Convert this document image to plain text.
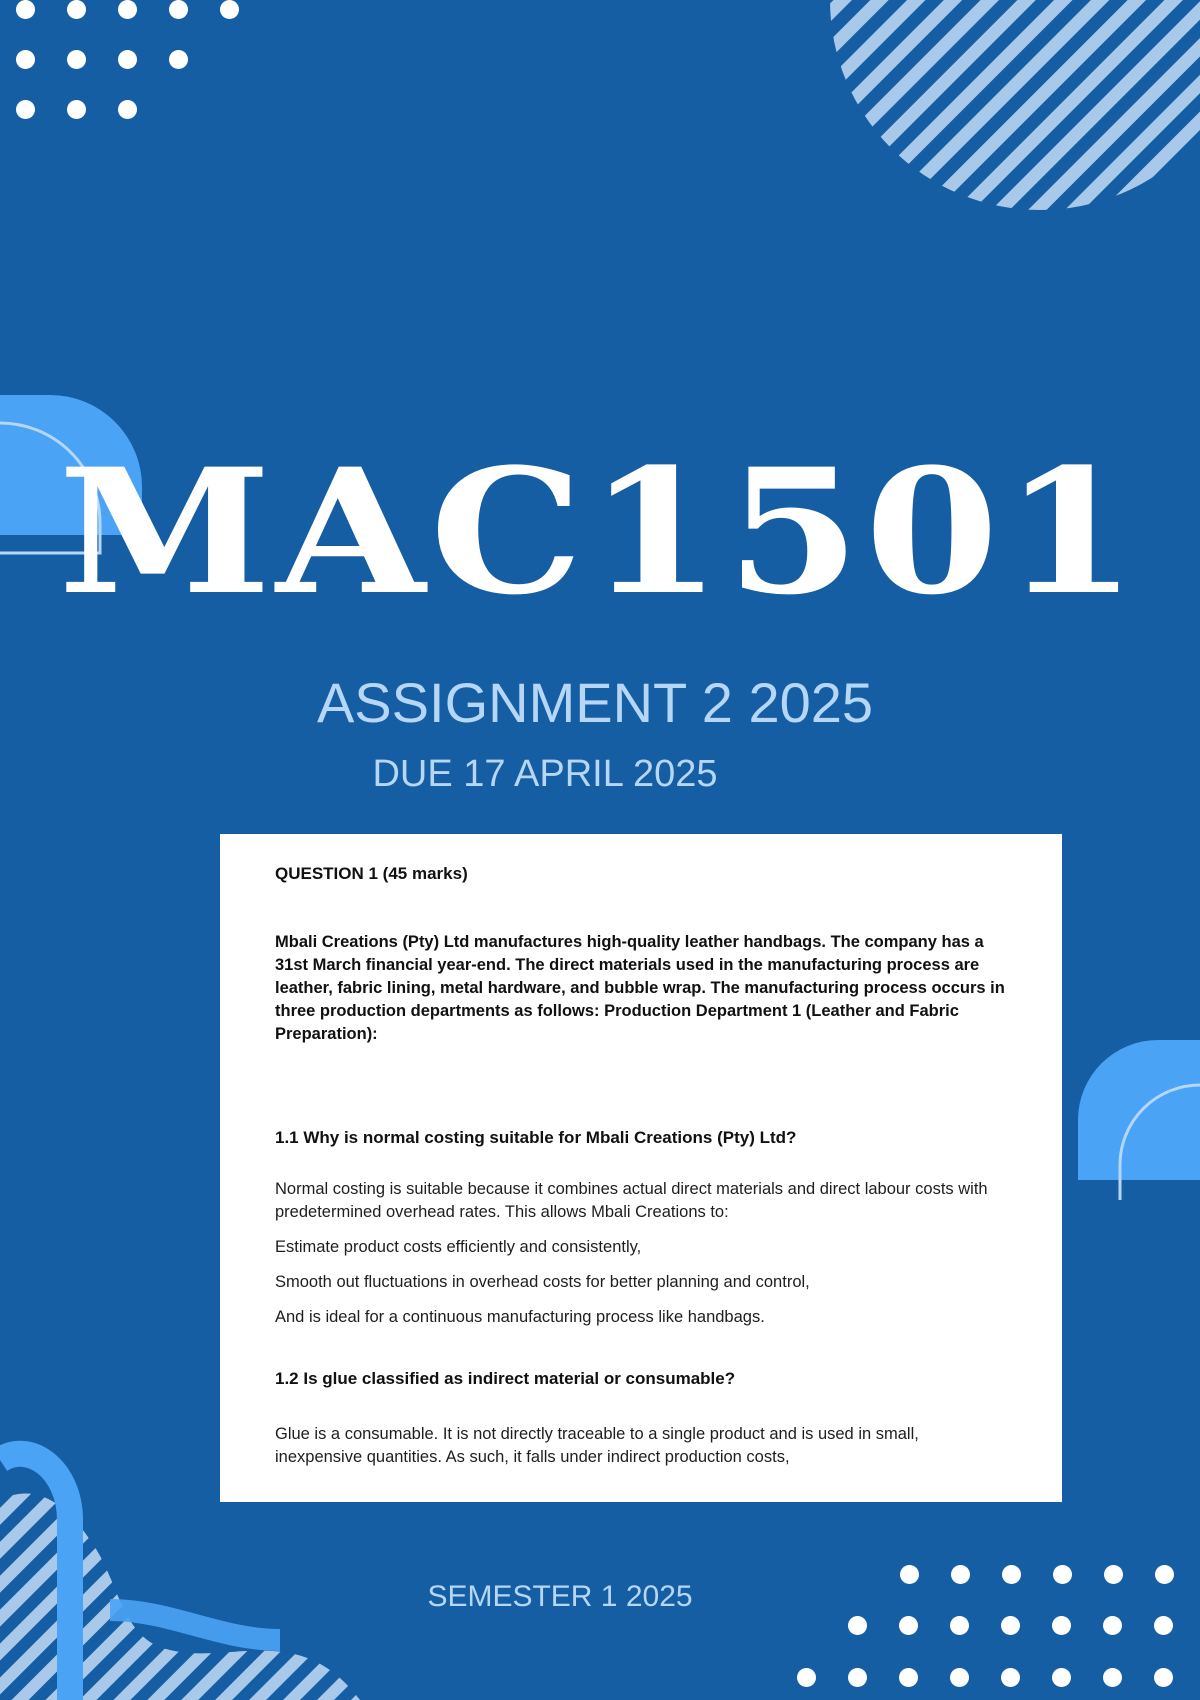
MAC1501
ASSIGNMENT 2 2025
DUE 17 APRIL 2025

QUESTION 1 (45 marks)

Mbali Creations (Pty) Ltd manufactures high-quality leather handbags. The company has a 31st March financial year-end. The direct materials used in the manufacturing process are leather, fabric lining, metal hardware, and bubble wrap. The manufacturing process occurs in three production departments as follows: Production Department 1 (Leather and Fabric Preparation):

1.1 Why is normal costing suitable for Mbali Creations (Pty) Ltd?

Normal costing is suitable because it combines actual direct materials and direct labour costs with predetermined overhead rates. This allows Mbali Creations to:

Estimate product costs efficiently and consistently,

Smooth out fluctuations in overhead costs for better planning and control,

And is ideal for a continuous manufacturing process like handbags.

1.2 Is glue classified as indirect material or consumable?

Glue is a consumable. It is not directly traceable to a single product and is used in small, inexpensive quantities. As such, it falls under indirect production costs,

SEMESTER 1 2025
